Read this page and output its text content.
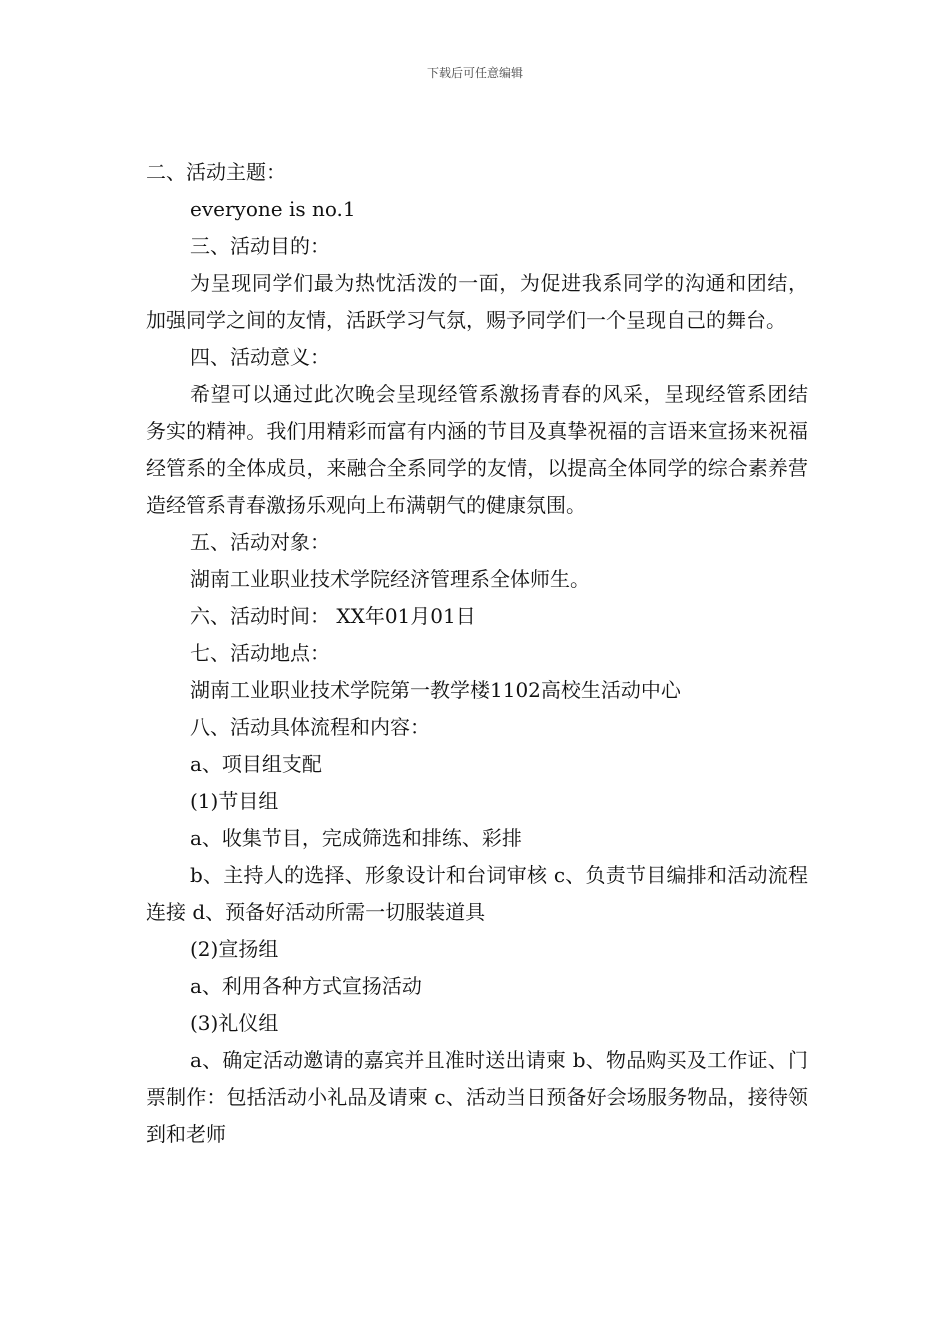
下载后可任意编辑

二、活动主题：

everyone is no.1

三、活动目的：

为呈现同学们最为热忱活泼的一面，为促进我系同学的沟通和团结，加强同学之间的友情，活跃学习气氛，赐予同学们一个呈现自己的舞台。

四、活动意义：

希望可以通过此次晚会呈现经管系激扬青春的风采，呈现经管系团结务实的精神。我们用精彩而富有内涵的节目及真挚祝福的言语来宣扬来祝福经管系的全体成员，来融合全系同学的友情，以提高全体同学的综合素养营造经管系青春激扬乐观向上布满朝气的健康氛围。

五、活动对象：

湖南工业职业技术学院经济管理系全体师生。

六、活动时间： XX年01月01日

七、活动地点：

湖南工业职业技术学院第一教学楼1102高校生活动中心

八、活动具体流程和内容：

a、项目组支配

(1)节目组

a、收集节目，完成筛选和排练、彩排

b、主持人的选择、形象设计和台词审核 c、负责节目编排和活动流程连接 d、预备好活动所需一切服装道具

(2)宣扬组

a、利用各种方式宣扬活动

(3)礼仪组

a、确定活动邀请的嘉宾并且准时送出请柬 b、物品购买及工作证、门票制作：包括活动小礼品及请柬 c、活动当日预备好会场服务物品，接待领到和老师
